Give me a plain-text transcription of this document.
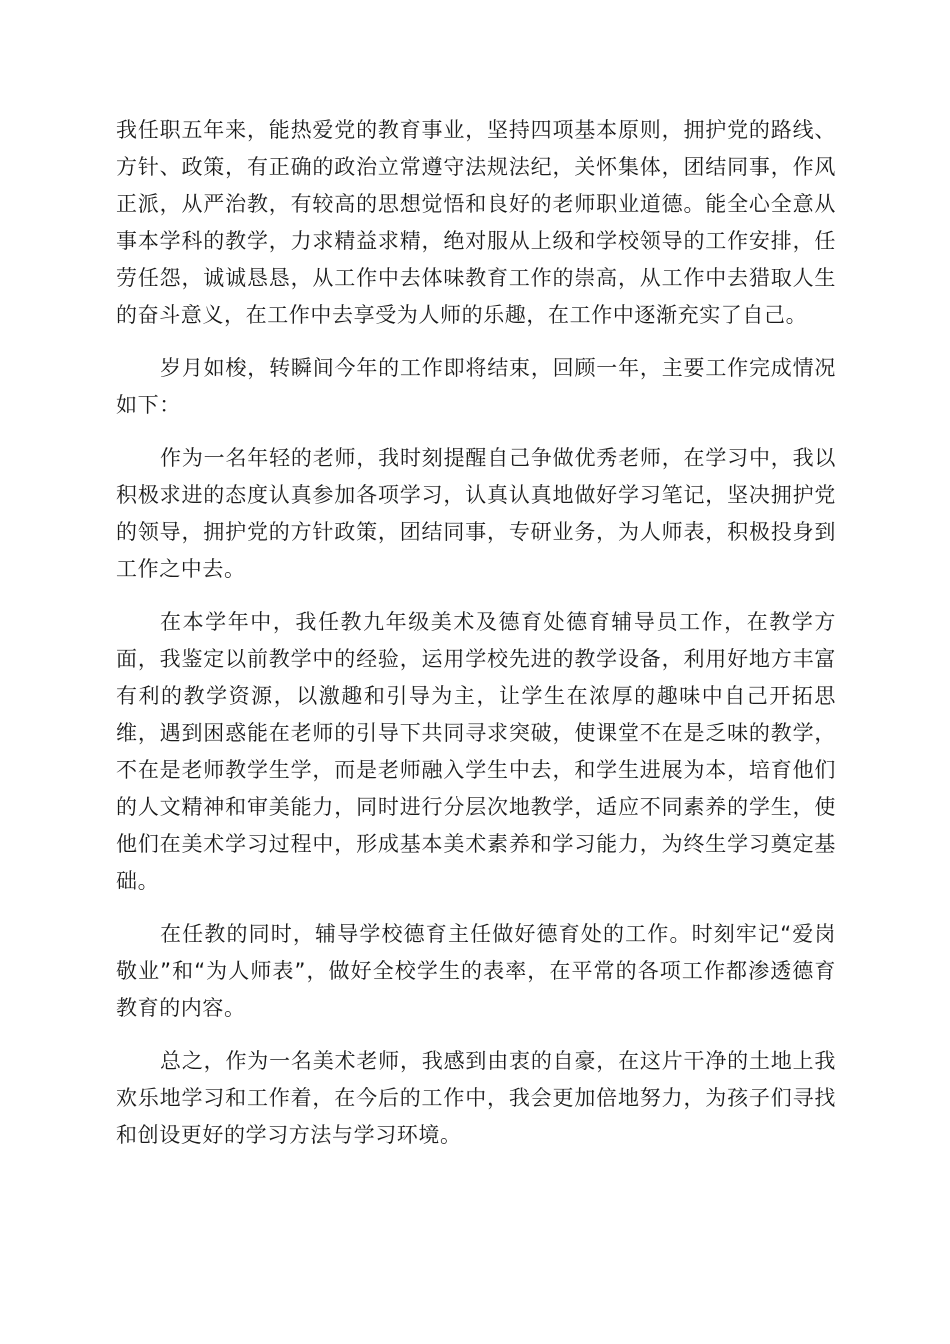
我任职五年来，能热爱党的教育事业，坚持四项基本原则，拥护党的路线、方针、政策，有正确的政治立常遵守法规法纪，关怀集体，团结同事，作风正派，从严治教，有较高的思想觉悟和良好的老师职业道德。能全心全意从事本学科的教学，力求精益求精，绝对服从上级和学校领导的工作安排，任劳任怨，诚诚恳恳，从工作中去体味教育工作的崇高，从工作中去猎取人生的奋斗意义，在工作中去享受为人师的乐趣，在工作中逐渐充实了自己。

岁月如梭，转瞬间今年的工作即将结束，回顾一年，主要工作完成情况如下：

作为一名年轻的老师，我时刻提醒自己争做优秀老师，在学习中，我以积极求进的态度认真参加各项学习，认真认真地做好学习笔记，坚决拥护党的领导，拥护党的方针政策，团结同事，专研业务，为人师表，积极投身到工作之中去。

在本学年中，我任教九年级美术及德育处德育辅导员工作，在教学方面，我鉴定以前教学中的经验，运用学校先进的教学设备，利用好地方丰富有利的教学资源，以激趣和引导为主，让学生在浓厚的趣味中自己开拓思维，遇到困惑能在老师的引导下共同寻求突破，使课堂不在是乏味的教学，不在是老师教学生学，而是老师融入学生中去，和学生进展为本，培育他们的人文精神和审美能力，同时进行分层次地教学，适应不同素养的学生，使他们在美术学习过程中，形成基本美术素养和学习能力，为终生学习奠定基础。

在任教的同时，辅导学校德育主任做好德育处的工作。时刻牢记“爱岗敬业”和“为人师表”，做好全校学生的表率，在平常的各项工作都渗透德育教育的内容。

总之，作为一名美术老师，我感到由衷的自豪，在这片干净的土地上我欢乐地学习和工作着，在今后的工作中，我会更加倍地努力，为孩子们寻找和创设更好的学习方法与学习环境。
